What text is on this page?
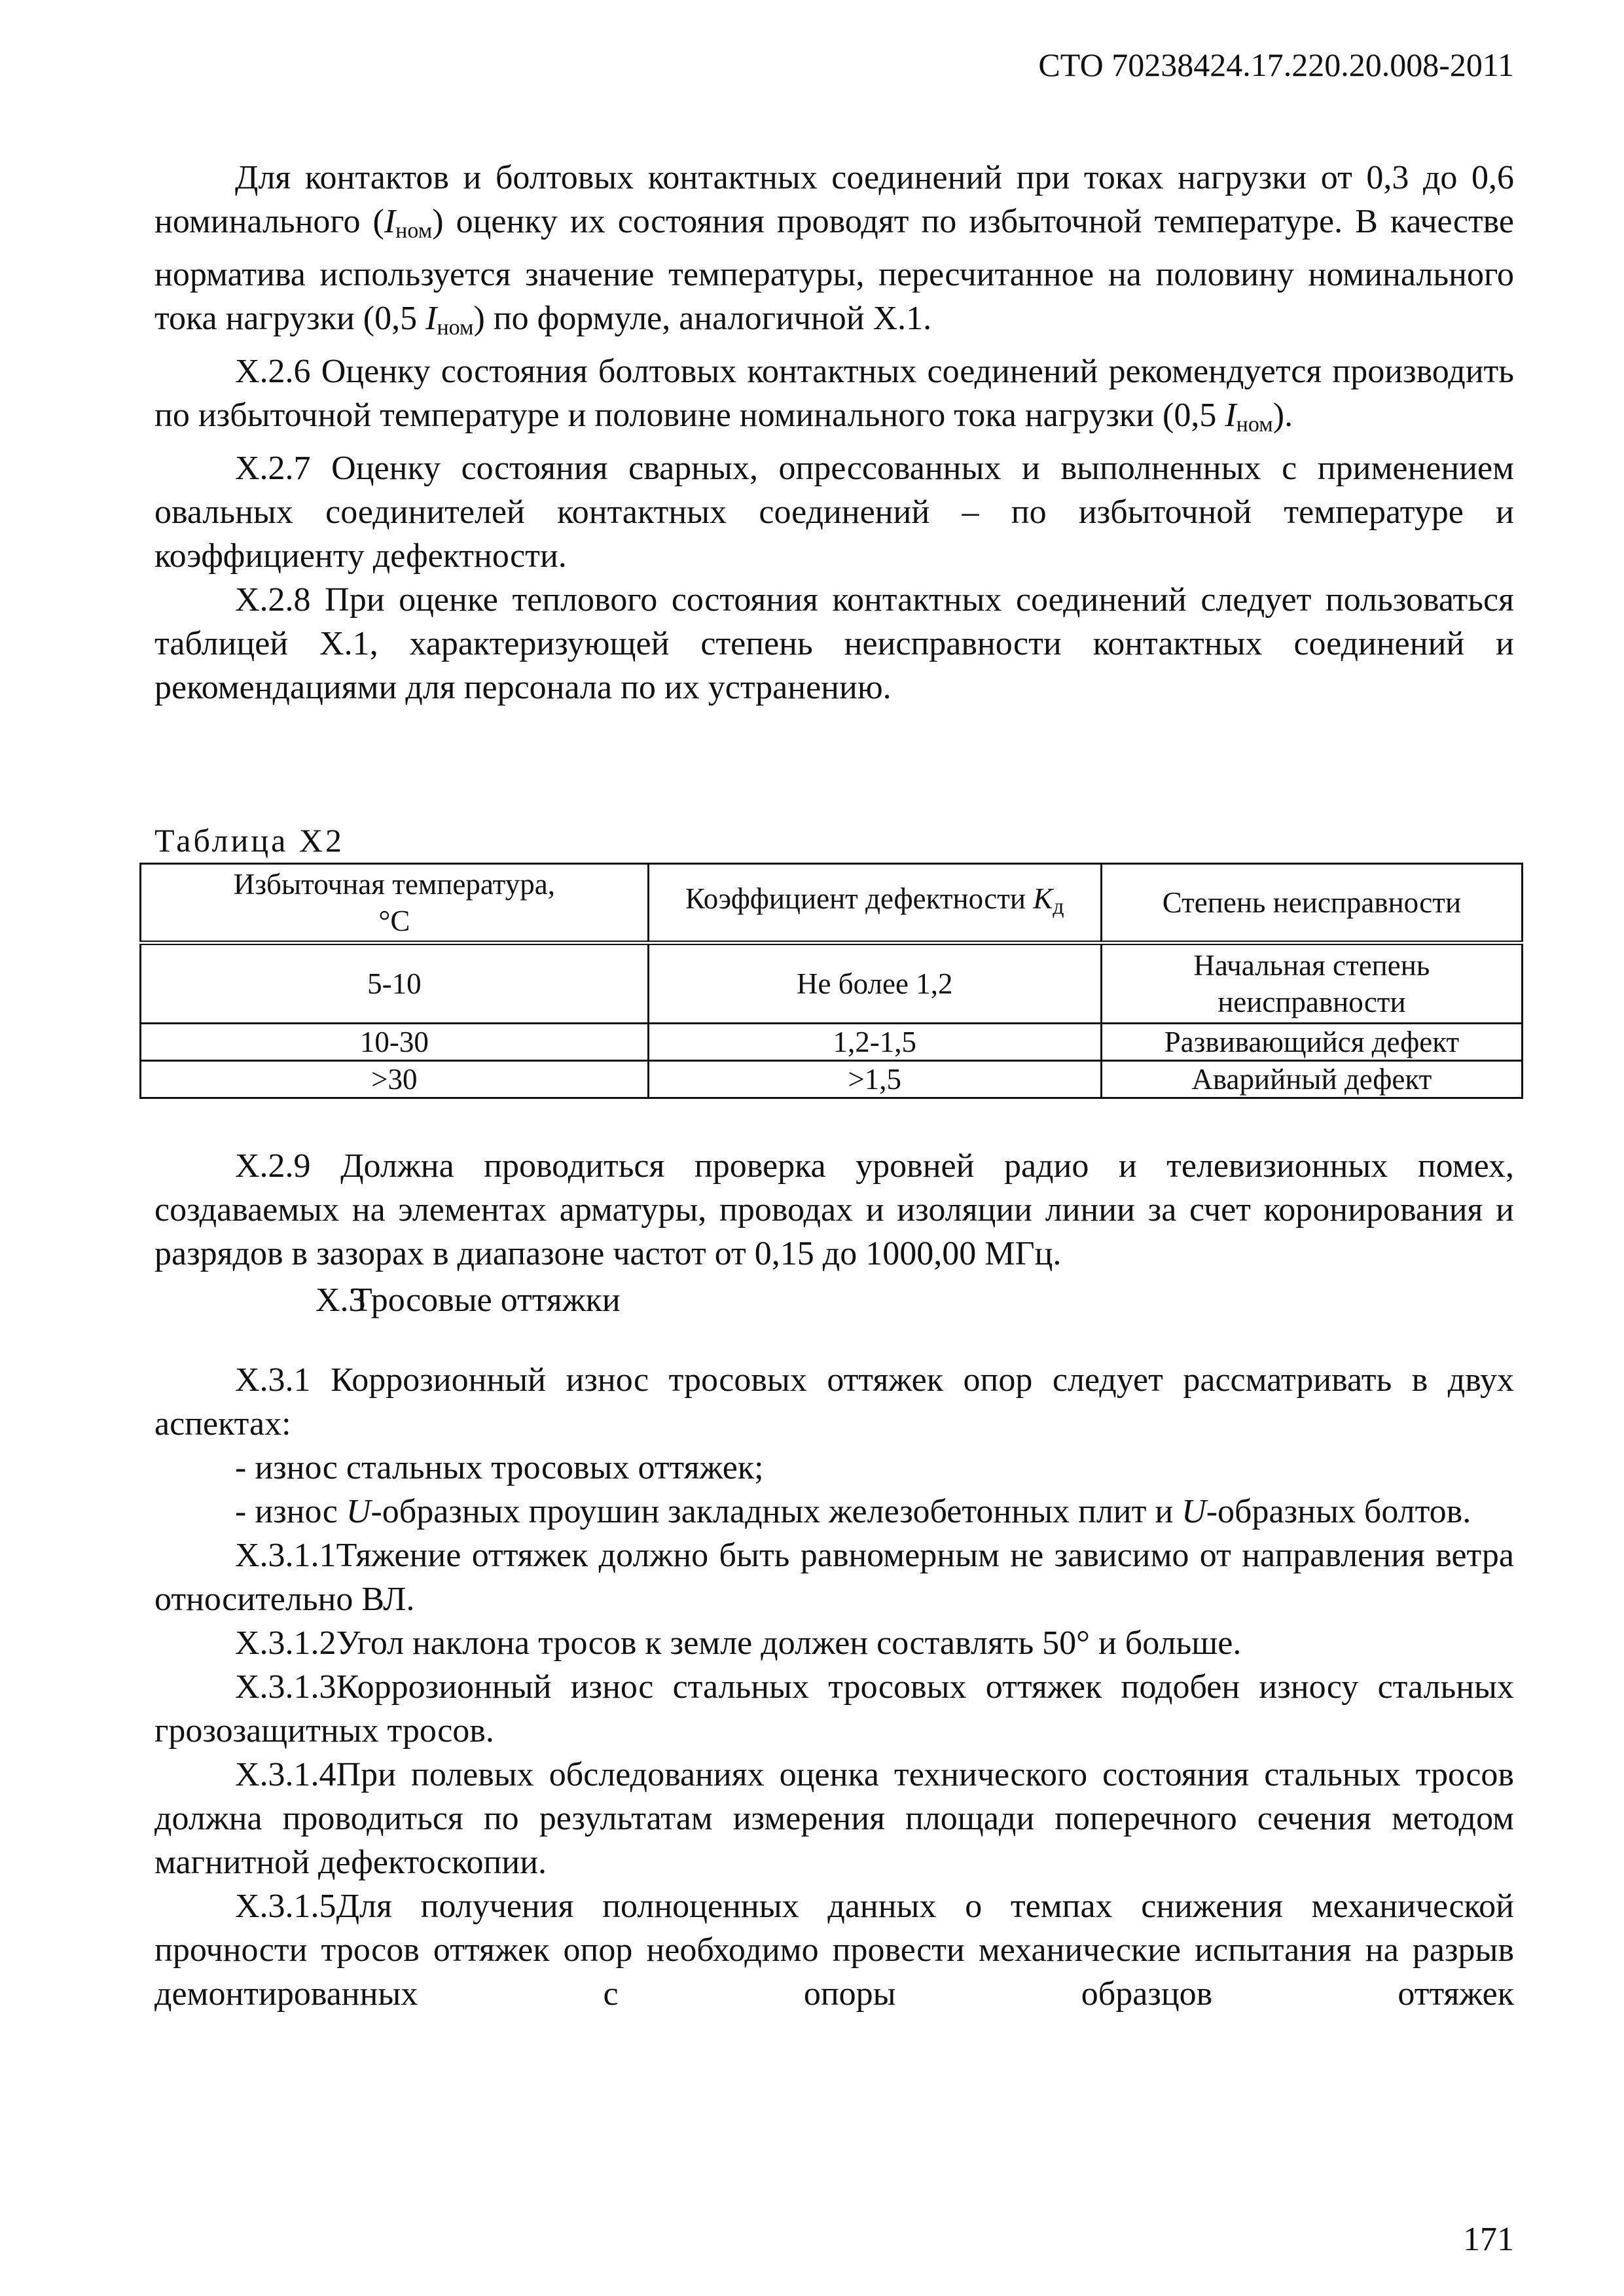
СТО 70238424.17.220.20.008-2011

Для контактов и болтовых контактных соединений при токах нагрузки от 0,3 до 0,6 номинального $(I_{ном})$ оценку их состояния проводят по избыточной температуре. В качестве норматива используется значение температуры, пересчитанное на половину номинального тока нагрузки (0,5 $I_{ном}$) по формуле, аналогичной Х.1.

Х.2.6 Оценку состояния болтовых контактных соединений рекомендуется производить по избыточной температуре и половине номинального тока нагрузки (0,5 $I_{ном}$).

Х.2.7 Оценку состояния сварных, опрессованных и выполненных с применением овальных соединителей контактных соединений – по избыточной температуре и коэффициенту дефектности.

Х.2.8 При оценке теплового состояния контактных соединений следует пользоваться таблицей Х.1, характеризующей степень неисправности контактных соединений и рекомендациями для персонала по их устранению.

Таблица Х2
Избыточная температура,
°С	Коэффициент дефектности $K_д$	Степень неисправности
5-10	Не более 1,2	Начальная степень
неисправности
10-30	1,2-1,5	Развивающийся дефект
>30	>1,5	Аварийный дефект

Х.2.9 Должна проводиться проверка уровней радио и телевизионных помех, создаваемых на элементах арматуры, проводах и изоляции линии за счет коронирования и разрядов в зазорах в диапазоне частот от 0,15 до 1000,00 МГц.

Х.3Тросовые оттяжки

Х.3.1 Коррозионный износ тросовых оттяжек опор следует рассматривать в двух аспектах:

- износ стальных тросовых оттяжек;

- износ U-образных проушин закладных железобетонных плит и U-образных болтов.

Х.3.1.1Тяжение оттяжек должно быть равномерным не зависимо от направления ветра относительно ВЛ.

Х.3.1.2Угол наклона тросов к земле должен составлять 50° и больше.

Х.3.1.3Коррозионный износ стальных тросовых оттяжек подобен износу стальных грозозащитных тросов.

Х.3.1.4При полевых обследованиях оценка технического состояния стальных тросов должна проводиться по результатам измерения площади поперечного сечения методом магнитной дефектоскопии.

Х.3.1.5Для получения полноценных данных о темпах снижения механической прочности тросов оттяжек опор необходимо провести механические испытания на разрыв демонтированных с опоры образцов оттяжек

171
